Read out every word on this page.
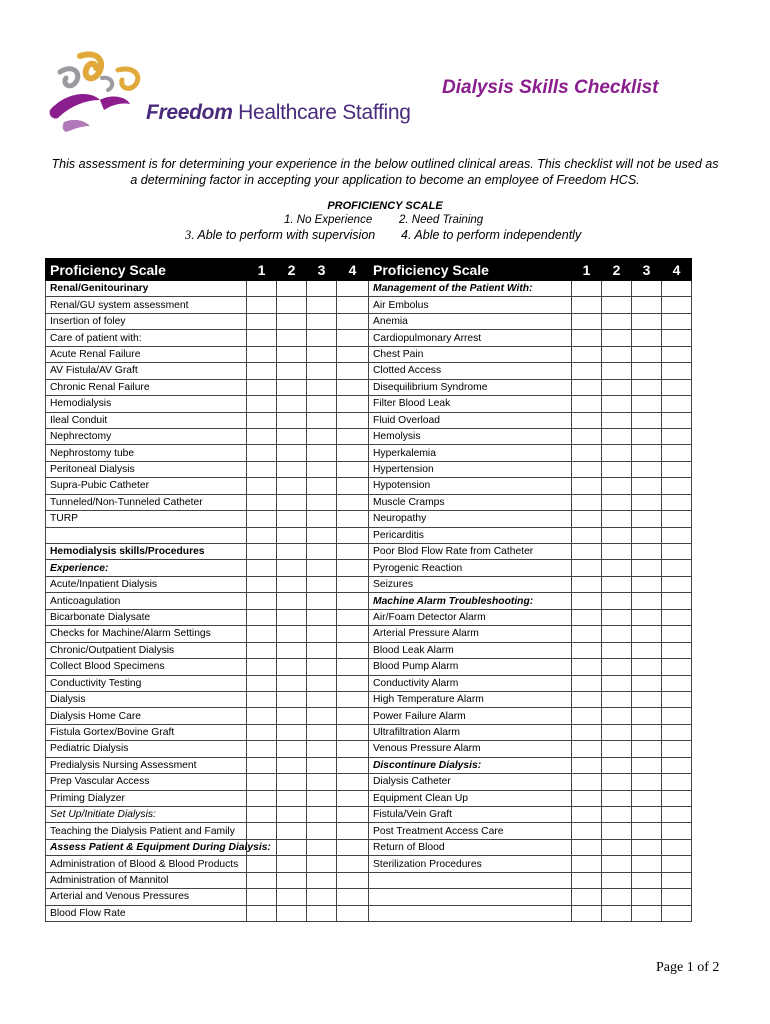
Freedom Healthcare Staffing
Dialysis Skills Checklist
This assessment is for determining your experience in the below outlined clinical areas. This checklist will not be used as
a determining factor in accepting your application to become an employee of Freedom HCS.
PROFICIENCY SCALE
1. No Experience 2. Need Training
3. Able to perform with supervision 4. Able to perform independently
Proficiency Scale	1	2	3	4	Proficiency Scale	1	2	3	4
Renal/Genitourinary					Management of the Patient With:				
Renal/GU system assessment					Air Embolus				
Insertion of foley					Anemia				
Care of patient with:					Cardiopulmonary Arrest				
Acute Renal Failure					Chest Pain				
AV Fistula/AV Graft					Clotted Access				
Chronic Renal Failure					Disequilibrium Syndrome				
Hemodialysis					Filter Blood Leak				
Ileal Conduit					Fluid Overload				
Nephrectomy					Hemolysis				
Nephrostomy tube					Hyperkalemia				
Peritoneal Dialysis					Hypertension				
Supra-Pubic Catheter					Hypotension				
Tunneled/Non-Tunneled Catheter					Muscle Cramps				
TURP					Neuropathy				
					Pericarditis				
Hemodialysis skills/Procedures					Poor Blod Flow Rate from Catheter				
Experience:					Pyrogenic Reaction				
Acute/Inpatient Dialysis					Seizures				
Anticoagulation					Machine Alarm Troubleshooting:				
Bicarbonate Dialysate					Air/Foam Detector Alarm				
Checks for Machine/Alarm Settings					Arterial Pressure Alarm				
Chronic/Outpatient Dialysis					Blood Leak Alarm				
Collect Blood Specimens					Blood Pump Alarm				
Conductivity Testing					Conductivity Alarm				
Dialysis					High Temperature Alarm				
Dialysis Home Care					Power Failure Alarm				
Fistula Gortex/Bovine Graft					Ultrafiltration Alarm				
Pediatric Dialysis					Venous Pressure Alarm				
Predialysis Nursing Assessment					Discontinure Dialysis:				
Prep Vascular Access					Dialysis Catheter				
Priming Dialyzer					Equipment Clean Up				
Set Up/Initiate Dialysis:					Fistula/Vein Graft				
Teaching the Dialysis Patient and Family					Post Treatment Access Care				
Assess Patient & Equipment During Dialysis:					Return of Blood				
Administration of Blood & Blood Products					Sterilization Procedures				
Administration of Mannitol									
Arterial and Venous Pressures									
Blood Flow Rate									
Page 1 of 2
